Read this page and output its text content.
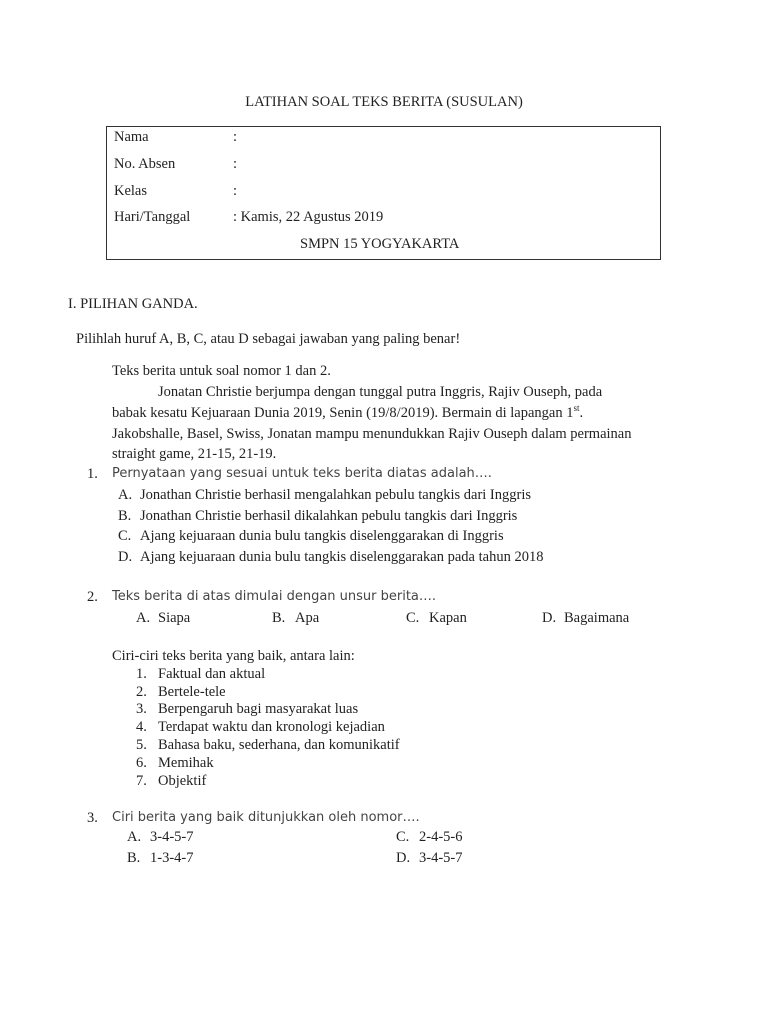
LATIHAN SOAL TEKS BERITA (SUSULAN)
Nama	:
No. Absen	:
Kelas	:
Hari/Tanggal	: Kamis, 22 Agustus 2019
SMPN 15 YOGYAKARTA
I. PILIHAN GANDA.
Pilihlah huruf A, B, C, atau D sebagai jawaban yang paling benar!
Teks berita untuk soal nomor 1 dan 2.
Jonatan Christie berjumpa dengan tunggal putra Inggris, Rajiv Ouseph, pada
babak kesatu Kejuaraan Dunia 2019, Senin (19/8/2019). Bermain di lapangan 1st.
Jakobshalle, Basel, Swiss, Jonatan mampu menundukkan Rajiv Ouseph dalam permainan
straight game, 21-15, 21-19.
1. Pernyataan yang sesuai untuk teks berita diatas adalah….
A. Jonathan Christie berhasil mengalahkan pebulu tangkis dari Inggris
B. Jonathan Christie berhasil dikalahkan pebulu tangkis dari Inggris
C. Ajang kejuaraan dunia bulu tangkis diselenggarakan di Inggris
D. Ajang kejuaraan dunia bulu tangkis diselenggarakan pada tahun 2018
2. Teks berita di atas dimulai dengan unsur berita….
A. Siapa	B. Apa	C. Kapan	D. Bagaimana
Ciri-ciri teks berita yang baik, antara lain:
1. Faktual dan aktual
2. Bertele-tele
3. Berpengaruh bagi masyarakat luas
4. Terdapat waktu dan kronologi kejadian
5. Bahasa baku, sederhana, dan komunikatif
6. Memihak
7. Objektif
3. Ciri berita yang baik ditunjukkan oleh nomor….
A. 3-4-5-7
B. 1-3-4-7
C. 2-4-5-6
D. 3-4-5-7
